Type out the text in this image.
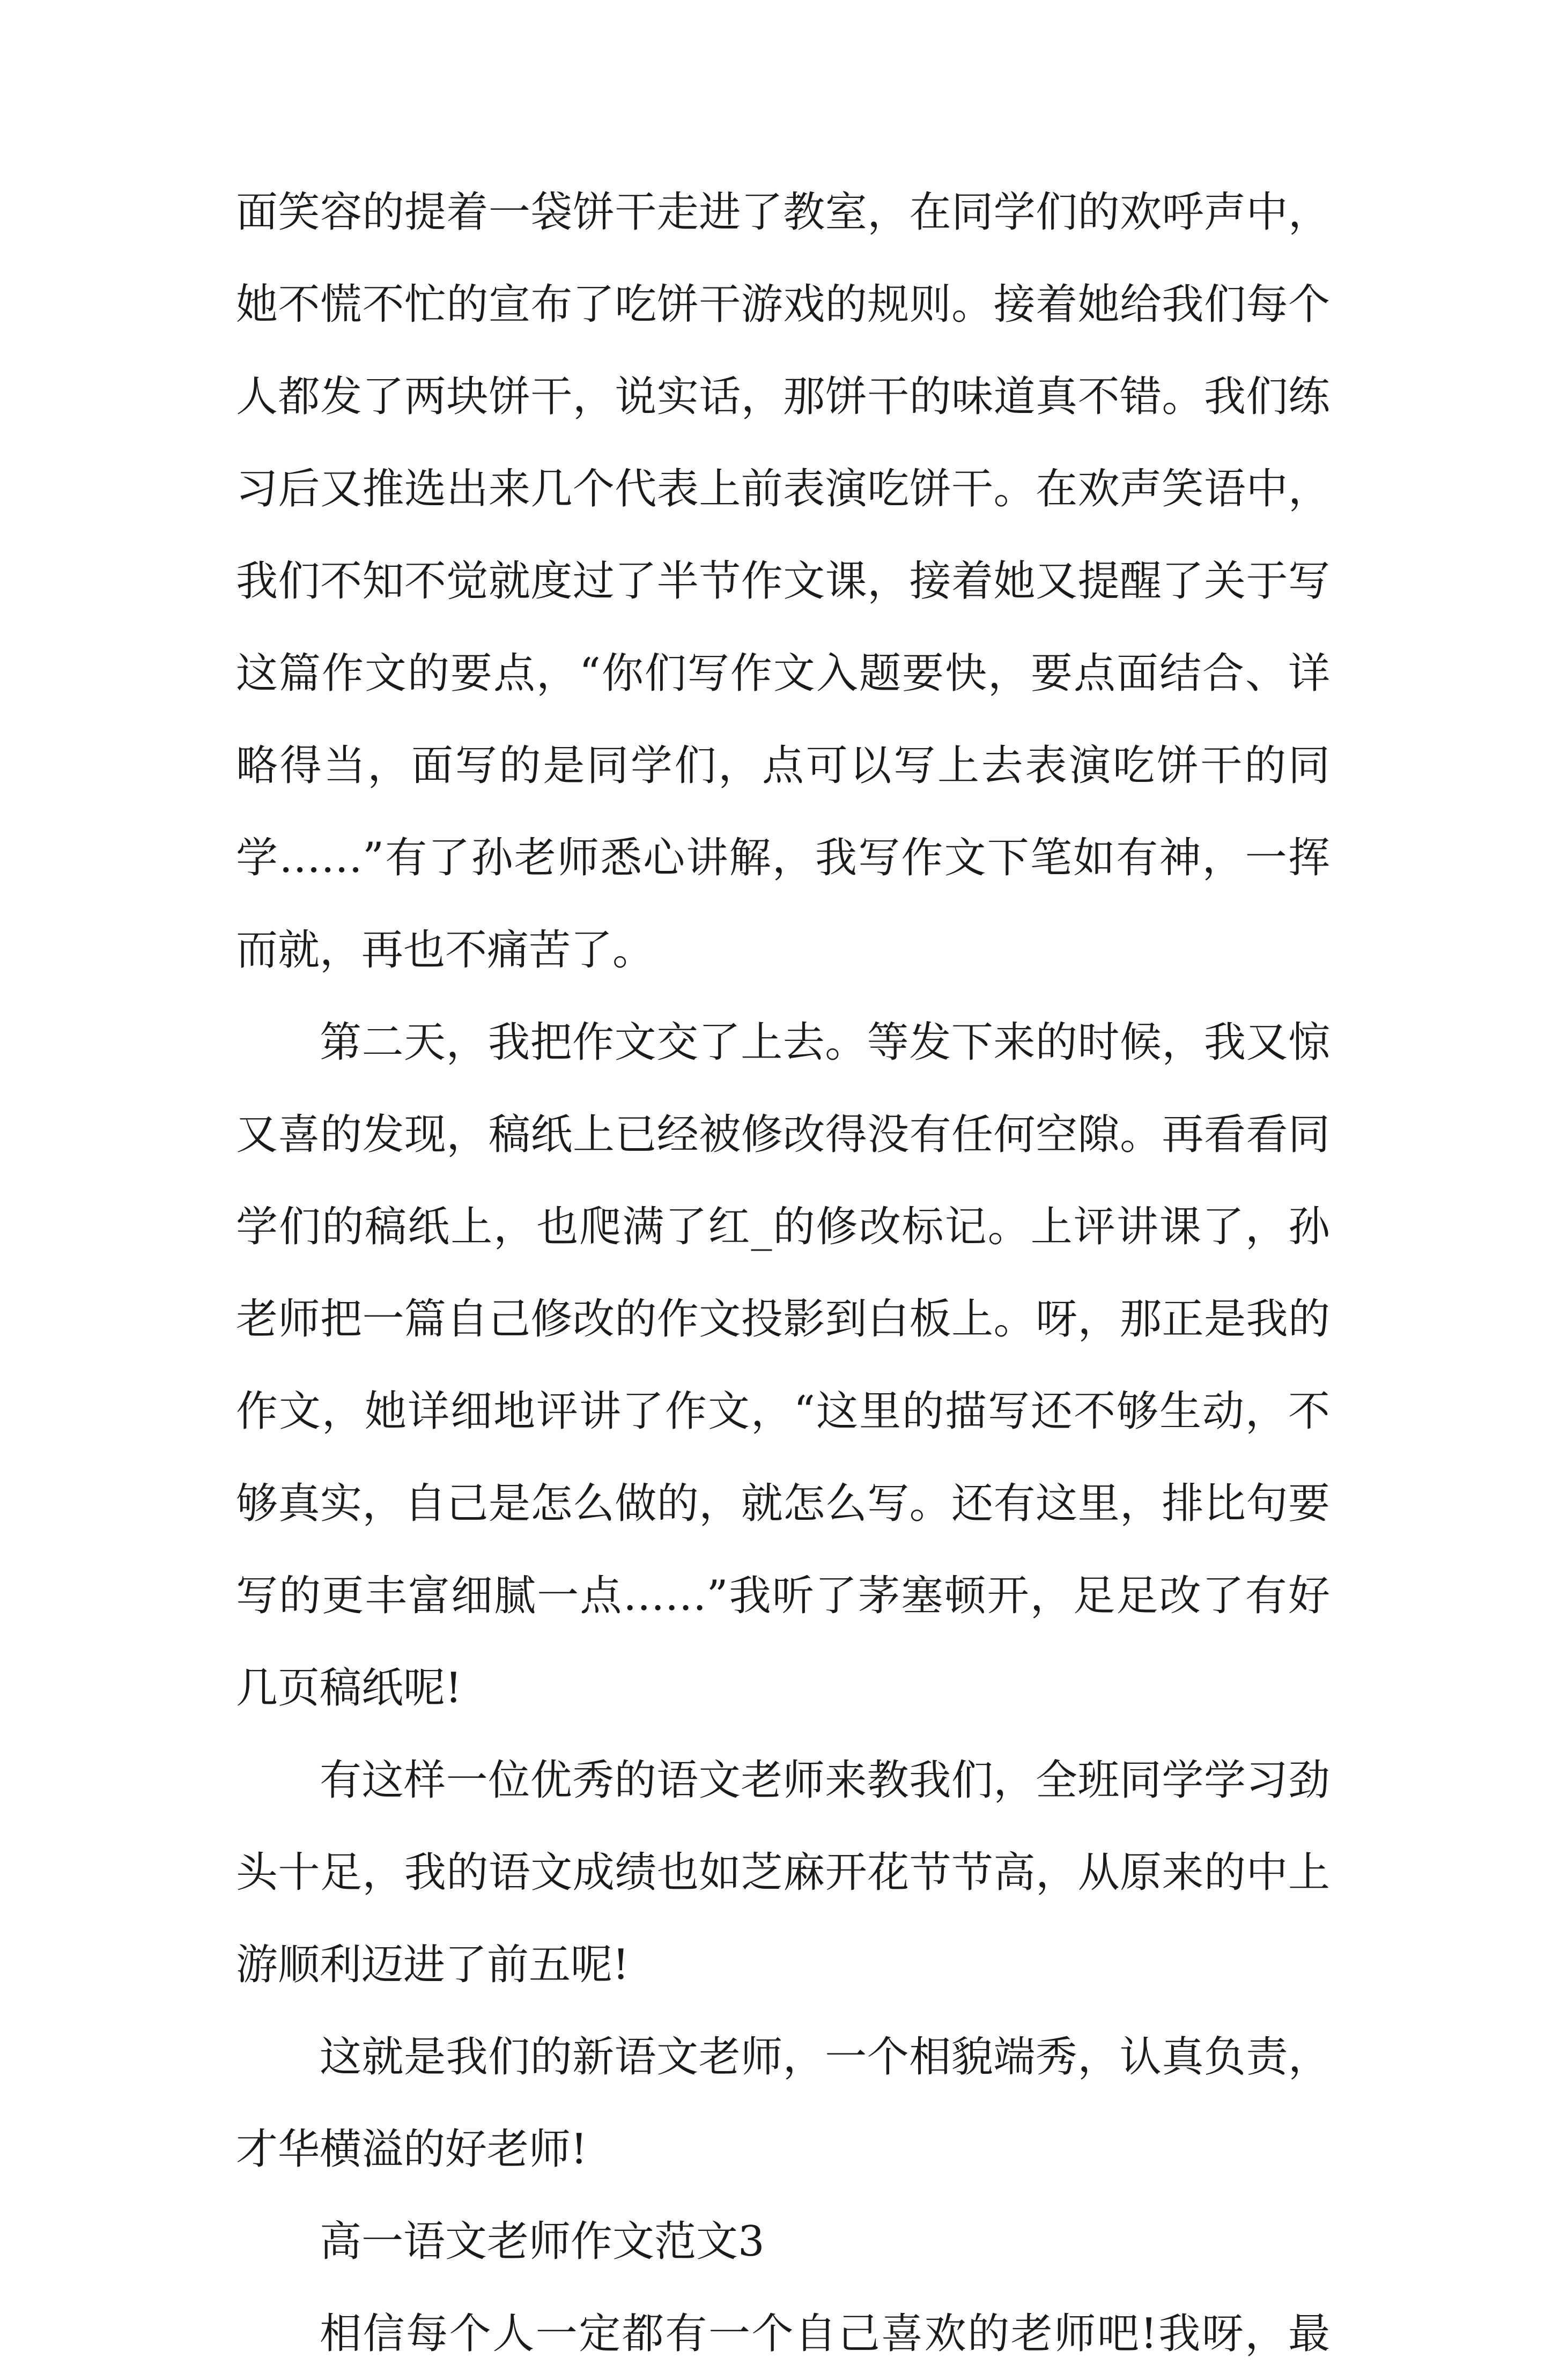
面笑容的提着一袋饼干走进了教室，在同学们的欢呼声中，
她不慌不忙的宣布了吃饼干游戏的规则。接着她给我们每个
人都发了两块饼干，说实话，那饼干的味道真不错。我们练
习后又推选出来几个代表上前表演吃饼干。在欢声笑语中，
我们不知不觉就度过了半节作文课，接着她又提醒了关于写
这篇作文的要点，“你们写作文入题要快，要点面结合、详
略得当，面写的是同学们，点可以写上去表演吃饼干的同
学……”有了孙老师悉心讲解，我写作文下笔如有神，一挥
而就，再也不痛苦了。
第二天，我把作文交了上去。等发下来的时候，我又惊
又喜的发现，稿纸上已经被修改得没有任何空隙。再看看同
学们的稿纸上，也爬满了红_的修改标记。上评讲课了，孙
老师把一篇自己修改的作文投影到白板上。呀，那正是我的
作文，她详细地评讲了作文，“这里的描写还不够生动，不
够真实，自己是怎么做的，就怎么写。还有这里，排比句要
写的更丰富细腻一点……”我听了茅塞顿开，足足改了有好
几页稿纸呢!
有这样一位优秀的语文老师来教我们，全班同学学习劲
头十足，我的语文成绩也如芝麻开花节节高，从原来的中上
游顺利迈进了前五呢!
这就是我们的新语文老师，一个相貌端秀，认真负责，
才华横溢的好老师!
高一语文老师作文范文3
相信每个人一定都有一个自己喜欢的老师吧!我呀，最
